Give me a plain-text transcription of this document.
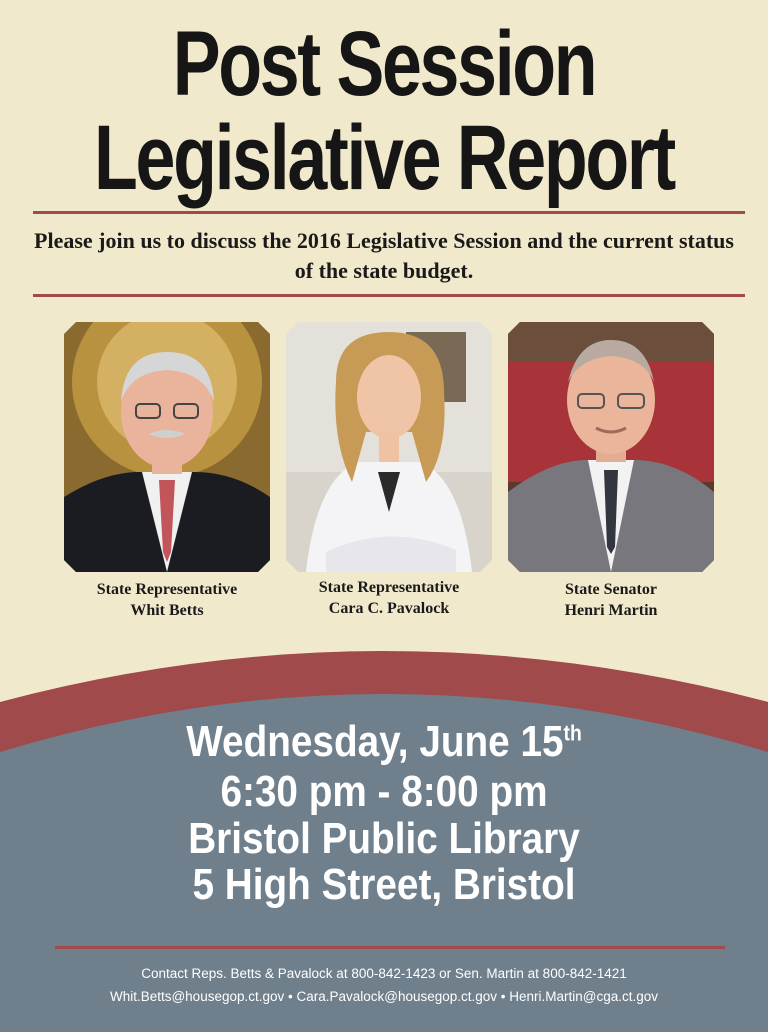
Post Session
Legislative Report
Please join us to discuss the 2016 Legislative Session and the current status of the state budget.
State Representative
Whit Betts
State Representative
Cara C. Pavalock
State Senator
Henri Martin
Wednesday, June 15th
6:30 pm - 8:00 pm
Bristol Public Library
5 High Street, Bristol
Contact Reps. Betts & Pavalock at 800-842-1423 or Sen. Martin at 800-842-1421
Whit.Betts@housegop.ct.gov • Cara.Pavalock@housegop.ct.gov • Henri.Martin@cga.ct.gov
